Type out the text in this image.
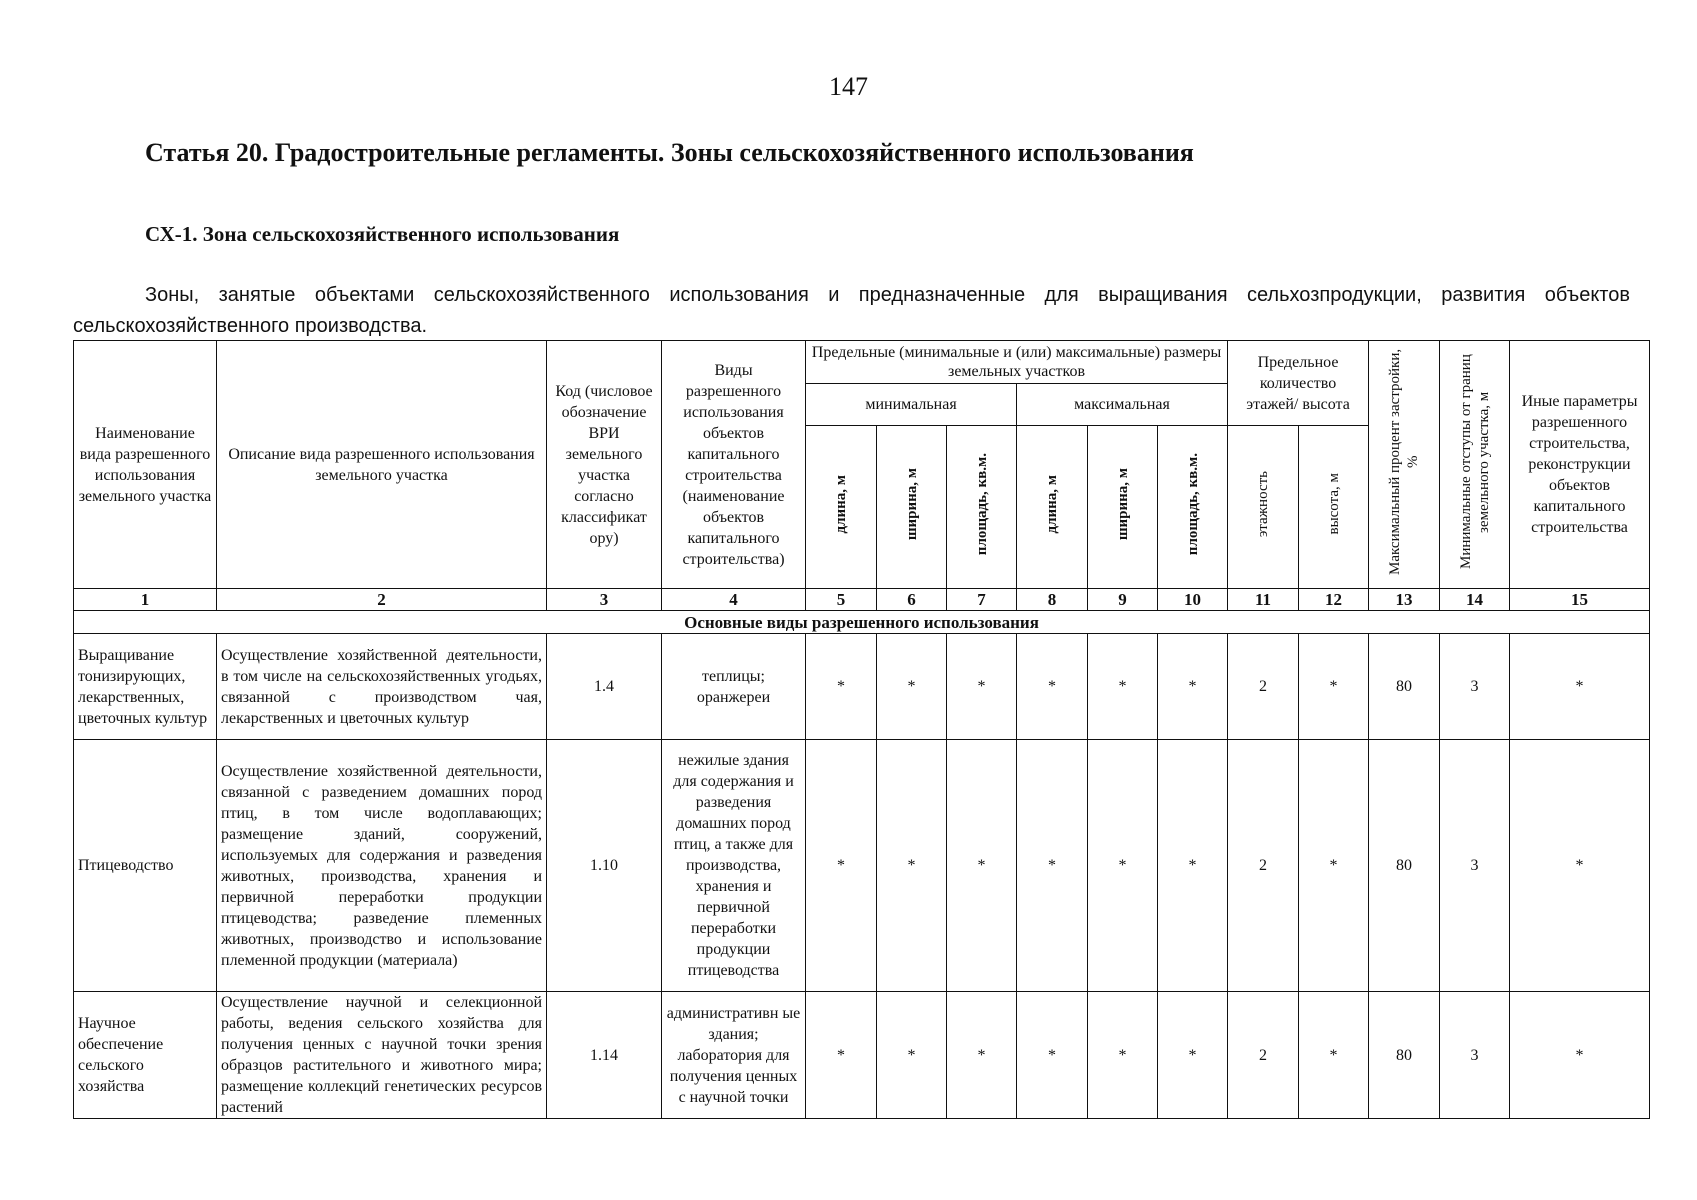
147
Статья 20. Градостроительные регламенты. Зоны сельскохозяйственного использования
СХ-1. Зона сельскохозяйственного использования
Зоны, занятые объектами сельскохозяйственного использования и предназначенные для выращивания сельхозпродукции, развития объектов сельскохозяйственного производства.
Наименование вида разрешенного использования земельного участка	Описание вида разрешенного использования земельного участка	Код (числовое обозначение ВРИ земельного участка согласно классификат ору)	Виды разрешенного использования объектов капитального строительства (наименование объектов капитального строительства)	Предельные (минимальные и (или) максимальные) размеры земельных участков						Предельное количество этажей/ высота		Максимальный процент застройки, %	Минимальные отступы от границ земельного участка, м	Иные параметры разрешенного строительства, реконструкции объектов капитального строительства
				минимальная			максимальная							
				длина, м	ширина, м	площадь, кв.м.	длина, м	ширина, м	площадь, кв.м.	этажность	высота, м			
1	2	3	4	5	6	7	8	9	10	11	12	13	14	15
Основные виды разрешенного использования														
Выращивание тонизирующих, лекарственных, цветочных культур	Осуществление хозяйственной деятельности, в том числе на сельскохозяйственных угодьях, связанной с производством чая, лекарственных и цветочных культур	1.4	теплицы; оранжереи	*	*	*	*	*	*	2	*	80	3	*
Птицеводство	Осуществление хозяйственной деятельности, связанной с разведением домашних пород птиц, в том числе водоплавающих; размещение зданий, сооружений, используемых для содержания и разведения животных, производства, хранения и первичной переработки продукции птицеводства; разведение племенных животных, производство и использование племенной продукции (материала)	1.10	нежилые здания для содержания и разведения домашних пород птиц, а также для производства, хранения и первичной переработки продукции птицеводства	*	*	*	*	*	*	2	*	80	3	*
Научное обеспечение сельского хозяйства	Осуществление научной и селекционной работы, ведения сельского хозяйства для получения ценных с научной точки зрения образцов растительного и животного мира; размещение коллекций генетических ресурсов растений	1.14	административн ые здания; лаборатория для получения ценных с научной точки	*	*	*	*	*	*	2	*	80	3	*
